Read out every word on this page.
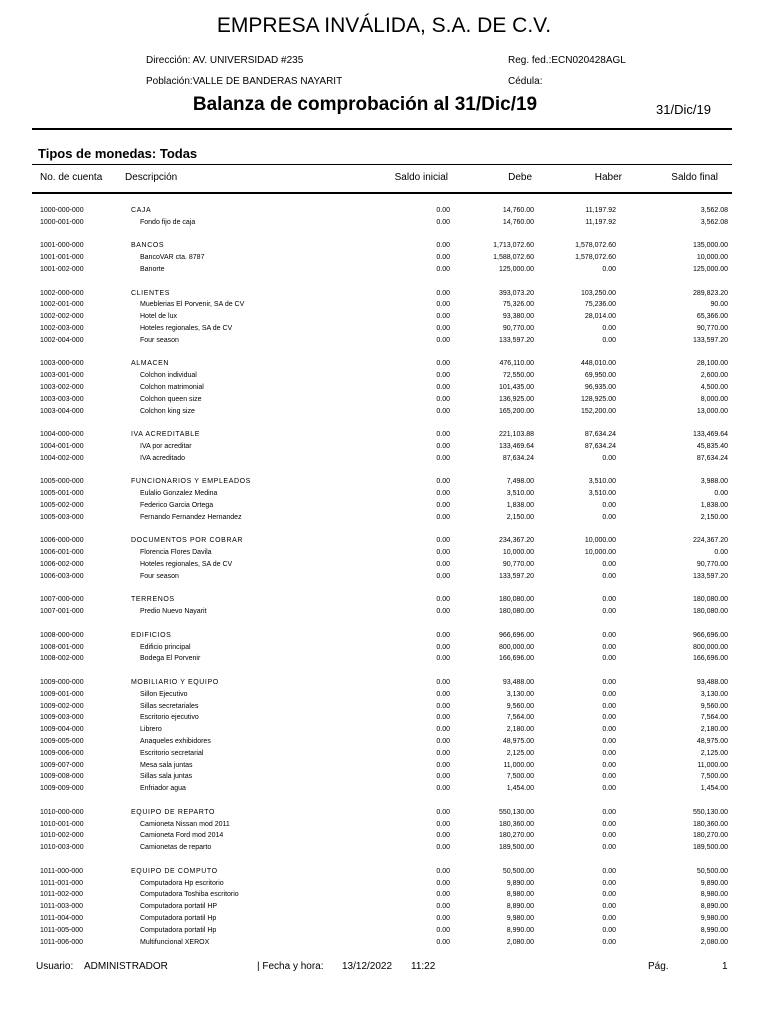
EMPRESA INVÁLIDA, S.A. DE C.V.
Dirección: AV. UNIVERSIDAD #235
Población:VALLE DE BANDERAS NAYARIT
Reg. fed.:ECN020428AGL
Cédula:
Balanza de comprobación al 31/Dic/19	31/Dic/19
Tipos de monedas: Todas
No. de cuenta Descripción	Saldo inicial	Debe	Haber	Saldo final
1000-000-000	CAJA	0.00	14,760.00	11,197.92	3,562.08
1000-001-000	Fondo fijo de caja	0.00	14,760.00	11,197.92	3,562.08
1001-000-000	BANCOS	0.00	1,713,072.60	1,578,072.60	135,000.00
1001-001-000	BancoVAR cta. 8787	0.00	1,588,072.60	1,578,072.60	10,000.00
1001-002-000	Banorte	0.00	125,000.00	0.00	125,000.00
1002-000-000	CLIENTES	0.00	393,073.20	103,250.00	289,823.20
1002-001-000	Mueblerias El Porvenir, SA de CV	0.00	75,326.00	75,236.00	90.00
1002-002-000	Hotel de lux	0.00	93,380.00	28,014.00	65,366.00
1002-003-000	Hoteles regionales, SA de CV	0.00	90,770.00	0.00	90,770.00
1002-004-000	Four season	0.00	133,597.20	0.00	133,597.20
1003-000-000	ALMACEN	0.00	476,110.00	448,010.00	28,100.00
1003-001-000	Colchon individual	0.00	72,550.00	69,950.00	2,600.00
1003-002-000	Colchon matrimonial	0.00	101,435.00	96,935.00	4,500.00
1003-003-000	Colchon queen size	0.00	136,925.00	128,925.00	8,000.00
1003-004-000	Colchon king size	0.00	165,200.00	152,200.00	13,000.00
1004-000-000	IVA ACREDITABLE	0.00	221,103.88	87,634.24	133,469.64
1004-001-000	IVA por acreditar	0.00	133,469.64	87,634.24	45,835.40
1004-002-000	IVA acreditado	0.00	87,634.24	0.00	87,634.24
1005-000-000	FUNCIONARIOS Y EMPLEADOS	0.00	7,498.00	3,510.00	3,988.00
1005-001-000	Eulalio Gonzalez Medina	0.00	3,510.00	3,510.00	0.00
1005-002-000	Federico Garcia Ortega	0.00	1,838.00	0.00	1,838.00
1005-003-000	Fernando Fernandez Hernandez	0.00	2,150.00	0.00	2,150.00
1006-000-000	DOCUMENTOS POR COBRAR	0.00	234,367.20	10,000.00	224,367.20
1006-001-000	Florencia Flores Davila	0.00	10,000.00	10,000.00	0.00
1006-002-000	Hoteles regionales, SA de CV	0.00	90,770.00	0.00	90,770.00
1006-003-000	Four season	0.00	133,597.20	0.00	133,597.20
1007-000-000	TERRENOS	0.00	180,080.00	0.00	180,080.00
1007-001-000	Predio Nuevo Nayarit	0.00	180,080.00	0.00	180,080.00
1008-000-000	EDIFICIOS	0.00	966,696.00	0.00	966,696.00
1008-001-000	Edificio principal	0.00	800,000.00	0.00	800,000.00
1008-002-000	Bodega El Porvenir	0.00	166,696.00	0.00	166,696.00
1009-000-000	MOBILIARIO Y EQUIPO	0.00	93,488.00	0.00	93,488.00
1009-001-000	Sillon Ejecutivo	0.00	3,130.00	0.00	3,130.00
1009-002-000	Sillas secretariales	0.00	9,560.00	0.00	9,560.00
1009-003-000	Escritorio ejecutivo	0.00	7,564.00	0.00	7,564.00
1009-004-000	Librero	0.00	2,180.00	0.00	2,180.00
1009-005-000	Anaqueles exhibidores	0.00	48,975.00	0.00	48,975.00
1009-006-000	Escritorio secretarial	0.00	2,125.00	0.00	2,125.00
1009-007-000	Mesa sala juntas	0.00	11,000.00	0.00	11,000.00
1009-008-000	Sillas sala juntas	0.00	7,500.00	0.00	7,500.00
1009-009-000	Enfriador agua	0.00	1,454.00	0.00	1,454.00
1010-000-000	EQUIPO DE REPARTO	0.00	550,130.00	0.00	550,130.00
1010-001-000	Camioneta Nissan mod 2011	0.00	180,360.00	0.00	180,360.00
1010-002-000	Camioneta Ford mod 2014	0.00	180,270.00	0.00	180,270.00
1010-003-000	Camionetas de reparto	0.00	189,500.00	0.00	189,500.00
1011-000-000	EQUIPO DE COMPUTO	0.00	50,500.00	0.00	50,500.00
1011-001-000	Computadora Hp escritorio	0.00	9,890.00	0.00	9,890.00
1011-002-000	Computadora Toshiba escritorio	0.00	8,980.00	0.00	8,980.00
1011-003-000	Computadora portatil HP	0.00	8,890.00	0.00	8,890.00
1011-004-000	Computadora portatil Hp	0.00	9,980.00	0.00	9,980.00
1011-005-000	Computadora portatil Hp	0.00	8,990.00	0.00	8,990.00
1011-006-000	Multifuncional XEROX	0.00	2,080.00	0.00	2,080.00
Usuario: ADMINISTRADOR	| Fecha y hora: 13/12/2022 11:22	Pág.	1
